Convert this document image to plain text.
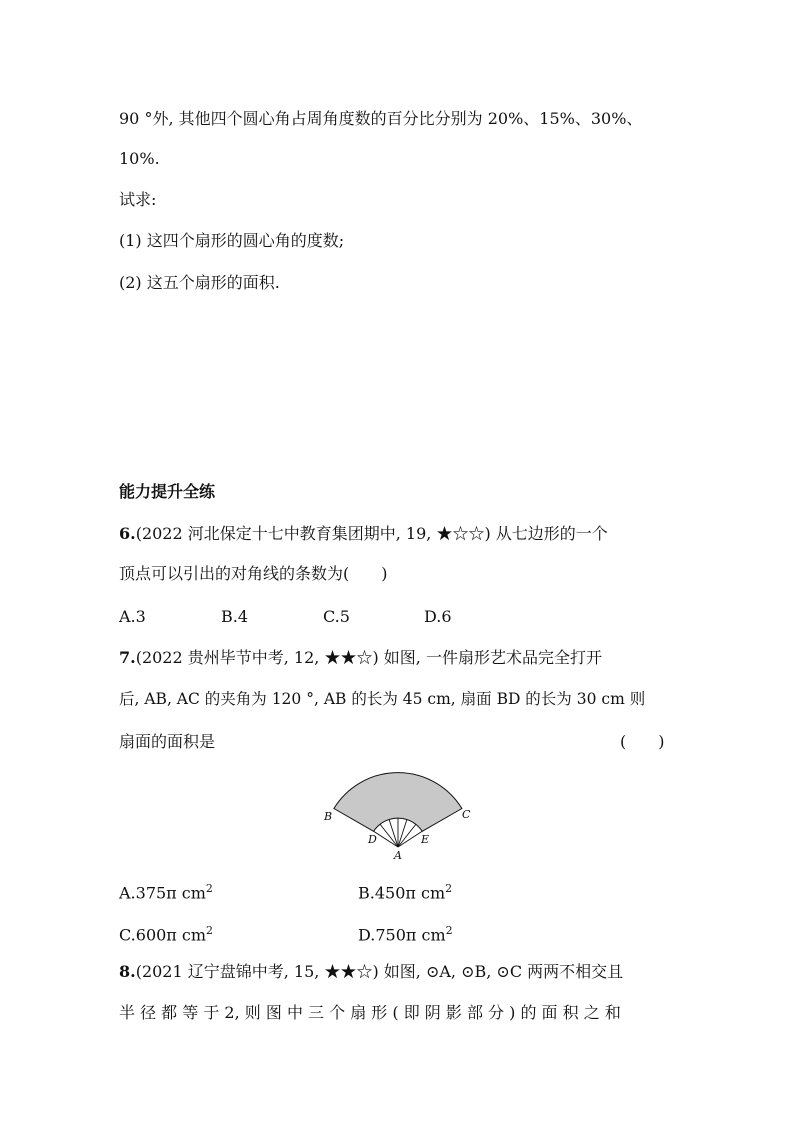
90 °外, 其他四个圆心角占周角度数的百分比分别为 20%、15%、30%、
10%.
试求:
(1) 这四个扇形的圆心角的度数;
(2) 这五个扇形的面积.
能力提升全练
6.(2022 河北保定十七中教育集团期中, 19, ★☆☆) 从七边形的一个
顶点可以引出的对角线的条数为(　　)
A.3	B.4	C.5	D.6
7.(2022 贵州毕节中考, 12, ★★☆) 如图, 一件扇形艺术品完全打开
后, AB, AC 的夹角为 120 °, AB 的长为 45 cm, 扇面 BD 的长为 30 cm 则
扇面的面积是	(　　)
B	C
D	E
A
A.375π $cm^2$	B.450π $cm^2$
C.600π $cm^2$	D.750π $cm^2$
8.(2021 辽宁盘锦中考, 15, ★★☆) 如图, ⊙A, ⊙B, ⊙C 两两不相交且
半 径 都 等 于 2, 则 图 中 三 个 扇 形 ( 即 阴 影 部 分 ) 的 面 积 之 和
